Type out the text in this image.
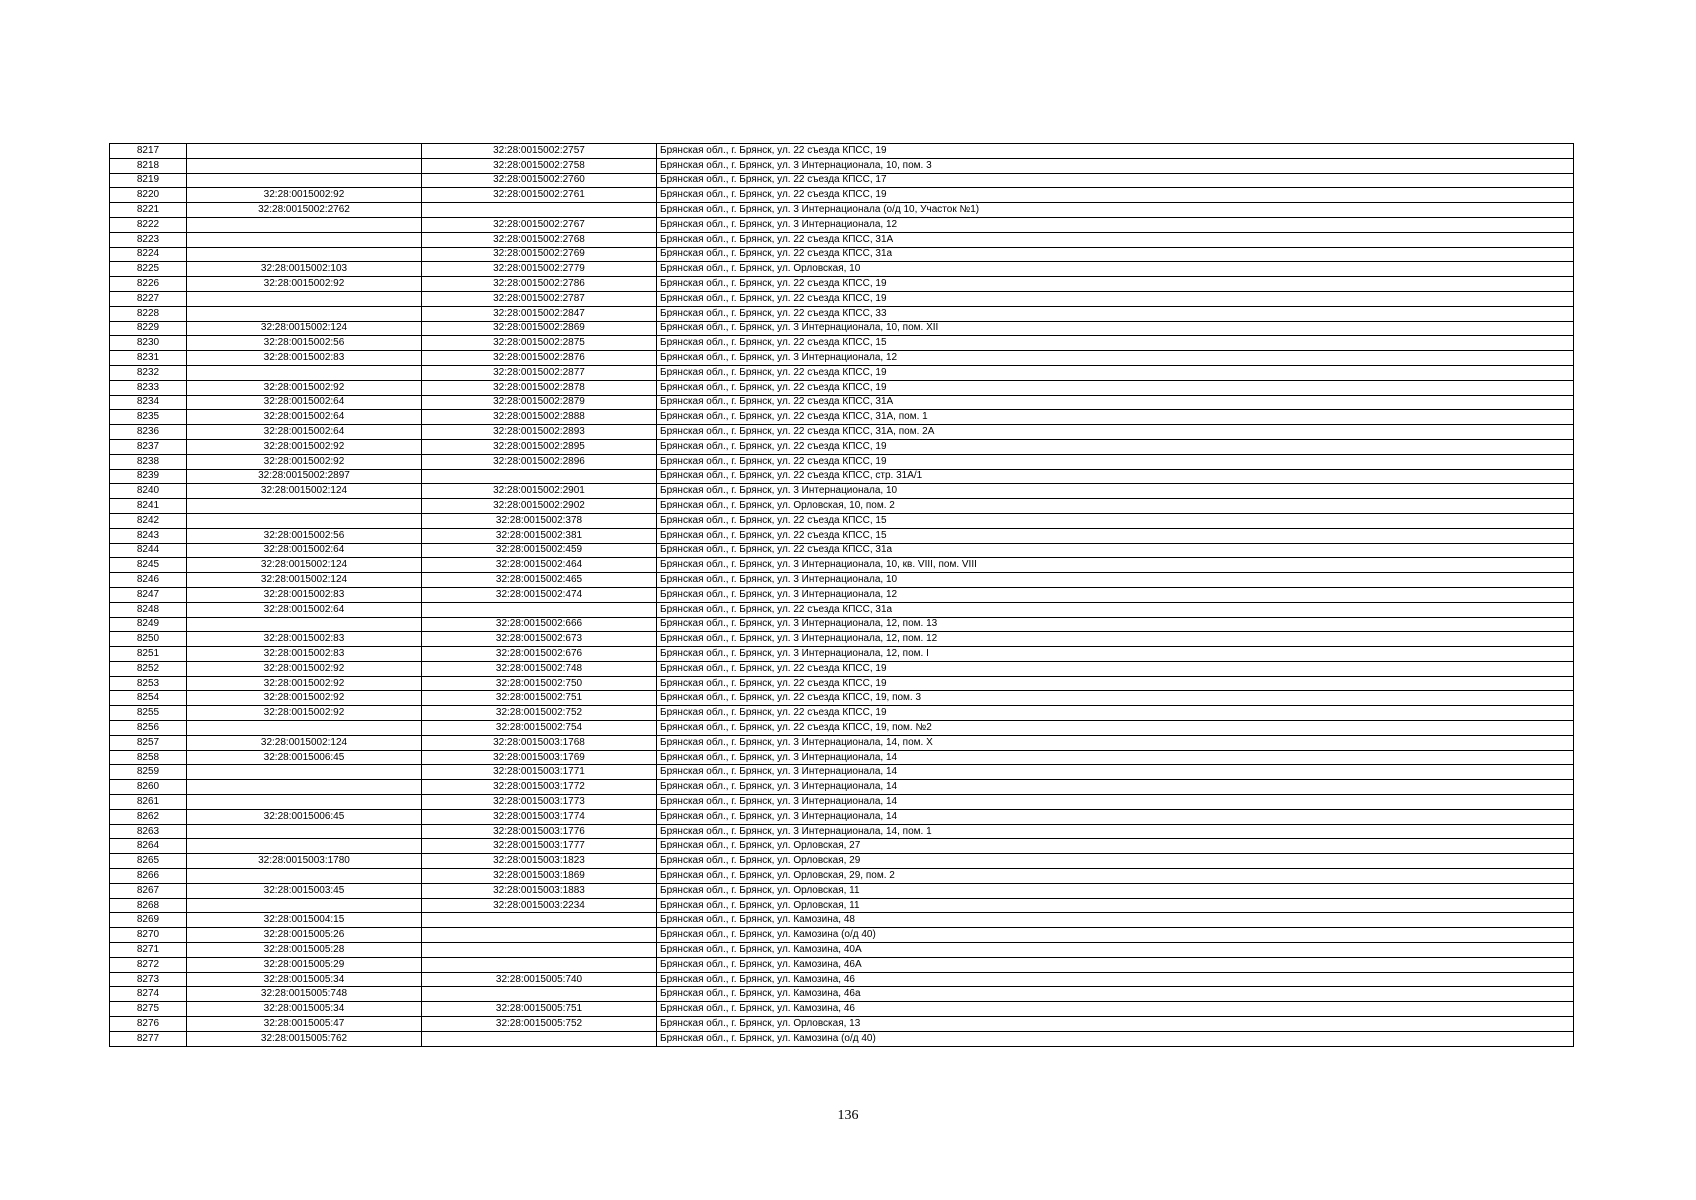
8217		32:28:0015002:2757	Брянская обл., г. Брянск, ул. 22 съезда КПСС, 19
8218		32:28:0015002:2758	Брянская обл., г. Брянск, ул. 3 Интернационала, 10, пом. 3
8219		32:28:0015002:2760	Брянская обл., г. Брянск, ул. 22 съезда КПСС, 17
8220	32:28:0015002:92	32:28:0015002:2761	Брянская обл., г. Брянск, ул. 22 съезда КПСС, 19
8221	32:28:0015002:2762		Брянская обл., г. Брянск, ул. 3 Интернационала (о/д 10, Участок №1)
8222		32:28:0015002:2767	Брянская обл., г. Брянск, ул. 3 Интернационала, 12
8223		32:28:0015002:2768	Брянская обл., г. Брянск, ул. 22 съезда КПСС, 31А
8224		32:28:0015002:2769	Брянская обл., г. Брянск, ул. 22 съезда КПСС, 31а
8225	32:28:0015002:103	32:28:0015002:2779	Брянская обл., г. Брянск, ул. Орловская, 10
8226	32:28:0015002:92	32:28:0015002:2786	Брянская обл., г. Брянск, ул. 22 съезда КПСС, 19
8227		32:28:0015002:2787	Брянская обл., г. Брянск, ул. 22 съезда КПСС, 19
8228		32:28:0015002:2847	Брянская обл., г. Брянск, ул. 22 съезда КПСС, 33
8229	32:28:0015002:124	32:28:0015002:2869	Брянская обл., г. Брянск, ул. 3 Интернационала, 10, пом. XII
8230	32:28:0015002:56	32:28:0015002:2875	Брянская обл., г. Брянск, ул. 22 съезда КПСС, 15
8231	32:28:0015002:83	32:28:0015002:2876	Брянская обл., г. Брянск, ул. 3 Интернационала, 12
8232		32:28:0015002:2877	Брянская обл., г. Брянск, ул. 22 съезда КПСС, 19
8233	32:28:0015002:92	32:28:0015002:2878	Брянская обл., г. Брянск, ул. 22 съезда КПСС, 19
8234	32:28:0015002:64	32:28:0015002:2879	Брянская обл., г. Брянск, ул. 22 съезда КПСС, 31А
8235	32:28:0015002:64	32:28:0015002:2888	Брянская обл., г. Брянск, ул. 22 съезда КПСС, 31А, пом. 1
8236	32:28:0015002:64	32:28:0015002:2893	Брянская обл., г. Брянск, ул. 22 съезда КПСС, 31А, пом. 2А
8237	32:28:0015002:92	32:28:0015002:2895	Брянская обл., г. Брянск, ул. 22 съезда КПСС, 19
8238	32:28:0015002:92	32:28:0015002:2896	Брянская обл., г. Брянск, ул. 22 съезда КПСС, 19
8239	32:28:0015002:2897		Брянская обл., г. Брянск, ул. 22 съезда КПСС, стр. 31А/1
8240	32:28:0015002:124	32:28:0015002:2901	Брянская обл., г. Брянск, ул. 3 Интернационала, 10
8241		32:28:0015002:2902	Брянская обл., г. Брянск, ул. Орловская, 10, пом. 2
8242		32:28:0015002:378	Брянская обл., г. Брянск, ул. 22 съезда КПСС, 15
8243	32:28:0015002:56	32:28:0015002:381	Брянская обл., г. Брянск, ул. 22 съезда КПСС, 15
8244	32:28:0015002:64	32:28:0015002:459	Брянская обл., г. Брянск, ул. 22 съезда КПСС, 31а
8245	32:28:0015002:124	32:28:0015002:464	Брянская обл., г. Брянск, ул. 3 Интернационала, 10, кв. VIII, пом. VIII
8246	32:28:0015002:124	32:28:0015002:465	Брянская обл., г. Брянск, ул. 3 Интернационала, 10
8247	32:28:0015002:83	32:28:0015002:474	Брянская обл., г. Брянск, ул. 3 Интернационала, 12
8248	32:28:0015002:64		Брянская обл., г. Брянск, ул. 22 съезда КПСС, 31а
8249		32:28:0015002:666	Брянская обл., г. Брянск, ул. 3 Интернационала, 12, пом. 13
8250	32:28:0015002:83	32:28:0015002:673	Брянская обл., г. Брянск, ул. 3 Интернационала, 12, пом. 12
8251	32:28:0015002:83	32:28:0015002:676	Брянская обл., г. Брянск, ул. 3 Интернационала, 12, пом. I
8252	32:28:0015002:92	32:28:0015002:748	Брянская обл., г. Брянск, ул. 22 съезда КПСС, 19
8253	32:28:0015002:92	32:28:0015002:750	Брянская обл., г. Брянск, ул. 22 съезда КПСС, 19
8254	32:28:0015002:92	32:28:0015002:751	Брянская обл., г. Брянск, ул. 22 съезда КПСС, 19, пом. 3
8255	32:28:0015002:92	32:28:0015002:752	Брянская обл., г. Брянск, ул. 22 съезда КПСС, 19
8256		32:28:0015002:754	Брянская обл., г. Брянск, ул. 22 съезда КПСС, 19, пом. №2
8257	32:28:0015002:124	32:28:0015003:1768	Брянская обл., г. Брянск, ул. 3 Интернационала, 14, пом. X
8258	32:28:0015006:45	32:28:0015003:1769	Брянская обл., г. Брянск, ул. 3 Интернационала, 14
8259		32:28:0015003:1771	Брянская обл., г. Брянск, ул. 3 Интернационала, 14
8260		32:28:0015003:1772	Брянская обл., г. Брянск, ул. 3 Интернационала, 14
8261		32:28:0015003:1773	Брянская обл., г. Брянск, ул. 3 Интернационала, 14
8262	32:28:0015006:45	32:28:0015003:1774	Брянская обл., г. Брянск, ул. 3 Интернационала, 14
8263		32:28:0015003:1776	Брянская обл., г. Брянск, ул. 3 Интернационала, 14, пом. 1
8264		32:28:0015003:1777	Брянская обл., г. Брянск, ул. Орловская, 27
8265	32:28:0015003:1780	32:28:0015003:1823	Брянская обл., г. Брянск, ул. Орловская, 29
8266		32:28:0015003:1869	Брянская обл., г. Брянск, ул. Орловская, 29, пом. 2
8267	32:28:0015003:45	32:28:0015003:1883	Брянская обл., г. Брянск, ул. Орловская, 11
8268		32:28:0015003:2234	Брянская обл., г. Брянск, ул. Орловская, 11
8269	32:28:0015004:15		Брянская обл., г. Брянск, ул. Камозина, 48
8270	32:28:0015005:26		Брянская обл., г. Брянск, ул. Камозина (о/д 40)
8271	32:28:0015005:28		Брянская обл., г. Брянск, ул. Камозина, 40А
8272	32:28:0015005:29		Брянская обл., г. Брянск, ул. Камозина, 46А
8273	32:28:0015005:34	32:28:0015005:740	Брянская обл., г. Брянск, ул. Камозина, 46
8274	32:28:0015005:748		Брянская обл., г. Брянск, ул. Камозина, 46а
8275	32:28:0015005:34	32:28:0015005:751	Брянская обл., г. Брянск, ул. Камозина, 46
8276	32:28:0015005:47	32:28:0015005:752	Брянская обл., г. Брянск, ул. Орловская, 13
8277	32:28:0015005:762		Брянская обл., г. Брянск, ул. Камозина (о/д 40)
136
